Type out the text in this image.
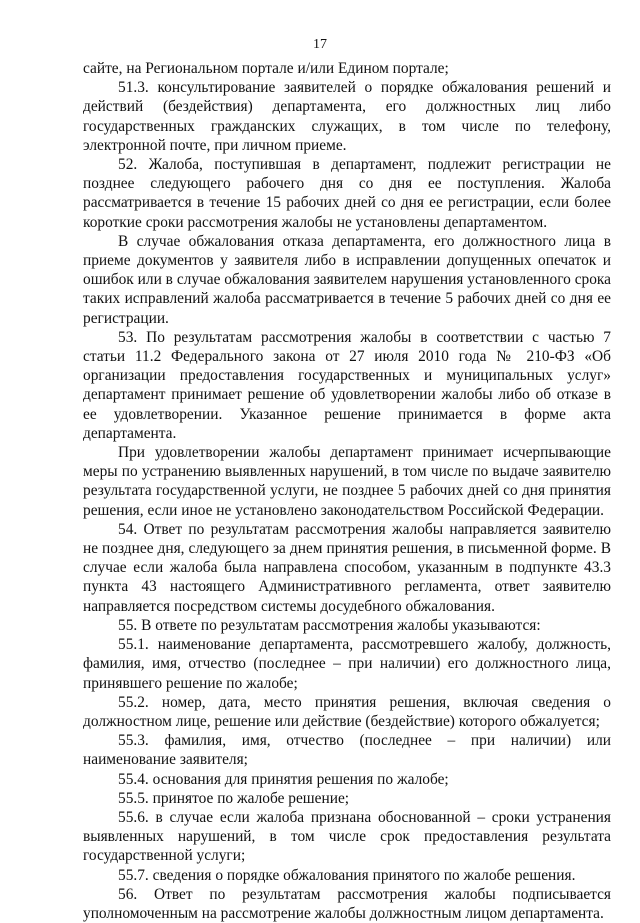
17

сайте, на Региональном портале и/или Едином портале;

51.3. консультирование заявителей о порядке обжалования решений и действий (бездействия) департамента, его должностных лиц либо государственных гражданских служащих, в том числе по телефону, электронной почте, при личном приеме.

52. Жалоба, поступившая в департамент, подлежит регистрации не позднее следующего рабочего дня со дня ее поступления. Жалоба рассматривается в течение 15 рабочих дней со дня ее регистрации, если более короткие сроки рассмотрения жалобы не установлены департаментом.

В случае обжалования отказа департамента, его должностного лица в приеме документов у заявителя либо в исправлении допущенных опечаток и ошибок или в случае обжалования заявителем нарушения установленного срока таких исправлений жалоба рассматривается в течение 5 рабочих дней со дня ее регистрации.

53. По результатам рассмотрения жалобы в соответствии с частью 7 статьи 11.2 Федерального закона от 27 июля 2010 года № 210-ФЗ «Об организации предоставления государственных и муниципальных услуг» департамент принимает решение об удовлетворении жалобы либо об отказе в ее удовлетворении. Указанное решение принимается в форме акта департамента.

При удовлетворении жалобы департамент принимает исчерпывающие меры по устранению выявленных нарушений, в том числе по выдаче заявителю результата государственной услуги, не позднее 5 рабочих дней со дня принятия решения, если иное не установлено законодательством Российской Федерации.

54. Ответ по результатам рассмотрения жалобы направляется заявителю не позднее дня, следующего за днем принятия решения, в письменной форме. В случае если жалоба была направлена способом, указанным в подпункте 43.3 пункта 43 настоящего Административного регламента, ответ заявителю направляется посредством системы досудебного обжалования.

55. В ответе по результатам рассмотрения жалобы указываются:

55.1. наименование департамента, рассмотревшего жалобу, должность, фамилия, имя, отчество (последнее – при наличии) его должностного лица, принявшего решение по жалобе;

55.2. номер, дата, место принятия решения, включая сведения о должностном лице, решение или действие (бездействие) которого обжалуется;

55.3. фамилия, имя, отчество (последнее – при наличии) или наименование заявителя;

55.4. основания для принятия решения по жалобе;

55.5. принятое по жалобе решение;

55.6. в случае если жалоба признана обоснованной – сроки устранения выявленных нарушений, в том числе срок предоставления результата государственной услуги;

55.7. сведения о порядке обжалования принятого по жалобе решения.

56. Ответ по результатам рассмотрения жалобы подписывается уполномоченным на рассмотрение жалобы должностным лицом департамента.
